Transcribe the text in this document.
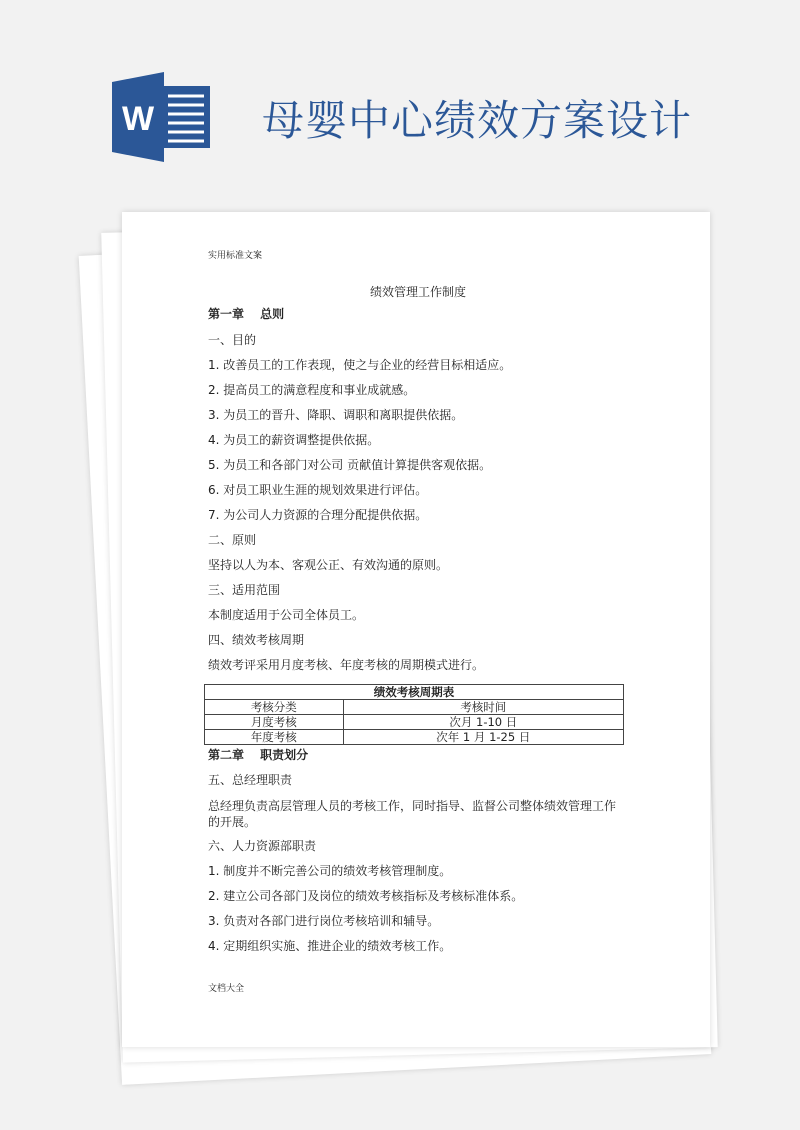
W	母婴中心绩效方案设计
实用标准文案
绩效管理工作制度
第一章　 总则
一、目的
1. 改善员工的工作表现，使之与企业的经营目标相适应。
2. 提高员工的满意程度和事业成就感。
3. 为员工的晋升、降职、调职和离职提供依据。
4. 为员工的薪资调整提供依据。
5. 为员工和各部门对公司 贡献值计算提供客观依据。
6. 对员工职业生涯的规划效果进行评估。
7. 为公司人力资源的合理分配提供依据。
二、原则
坚持以人为本、客观公正、有效沟通的原则。
三、适用范围
本制度适用于公司全体员工。
四、绩效考核周期
绩效考评采用月度考核、年度考核的周期模式进行。
绩效考核周期表	
考核分类	考核时间
月度考核	次月 1-10 日
年度考核	次年 1 月 1-25 日
第二章　 职责划分
五、总经理职责
总经理负责高层管理人员的考核工作，同时指导、监督公司整体绩效管理工作
的开展。
六、人力资源部职责
1. 制度并不断完善公司的绩效考核管理制度。
2. 建立公司各部门及岗位的绩效考核指标及考核标准体系。
3. 负责对各部门进行岗位考核培训和辅导。
4. 定期组织实施、推进企业的绩效考核工作。
文档大全
